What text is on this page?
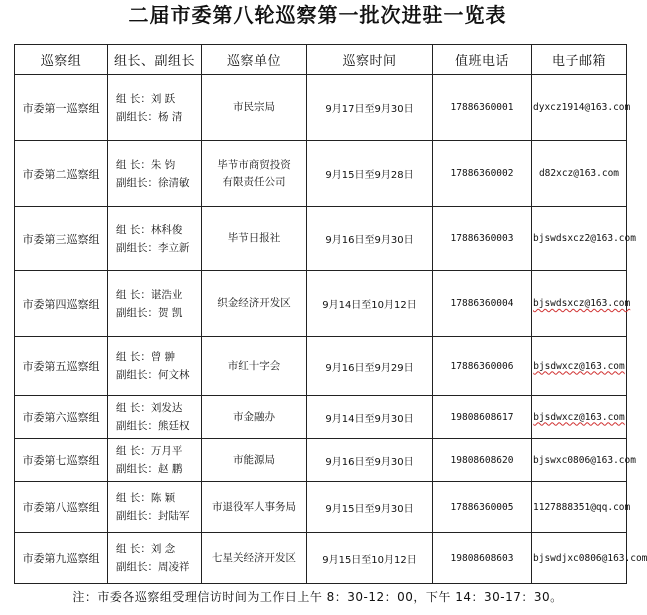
二届市委第八轮巡察第一批次进驻一览表
巡察组	组长、副组长	巡察单位	巡察时间	值班电话	电子邮箱
市委第一巡察组	组 长：刘 跃
副组长：杨 清	市民宗局	9月17日至9月30日	17886360001	dyxcz1914@163.com
市委第二巡察组	组 长：朱 钧
副组长：徐清敏	毕节市商贸投资
有限责任公司	9月15日至9月28日	17886360002	d82xcz@163.com
市委第三巡察组	组 长：林科俊
副组长：李立新	毕节日报社	9月16日至9月30日	17886360003	bjswdsxcz2@163.com
市委第四巡察组	组 长：谌浩业
副组长：贺 凯	织金经济开发区	9月14日至10月12日	17886360004	bjswdsxcz@163.com
市委第五巡察组	组 长：曾 翀
副组长：何文林	市红十字会	9月16日至9月29日	17886360006	bjsdwxcz@163.com
市委第六巡察组	组 长：刘发达
副组长：熊廷权	市金融办	9月14日至9月30日	19808608617	bjsdwxcz@163.com
市委第七巡察组	组 长：万月平
副组长：赵 鹏	市能源局	9月16日至9月30日	19808608620	bjswxc0806@163.com
市委第八巡察组	组 长：陈 颖
副组长：封陆军	市退役军人事务局	9月15日至9月30日	17886360005	1127888351@qq.com
市委第九巡察组	组 长：刘 念
副组长：周凌祥	七星关经济开发区	9月15日至10月12日	19808608603	bjswdjxc0806@163.com
注：市委各巡察组受理信访时间为工作日上午 8：30-12：00，下午 14：30-17：30。
